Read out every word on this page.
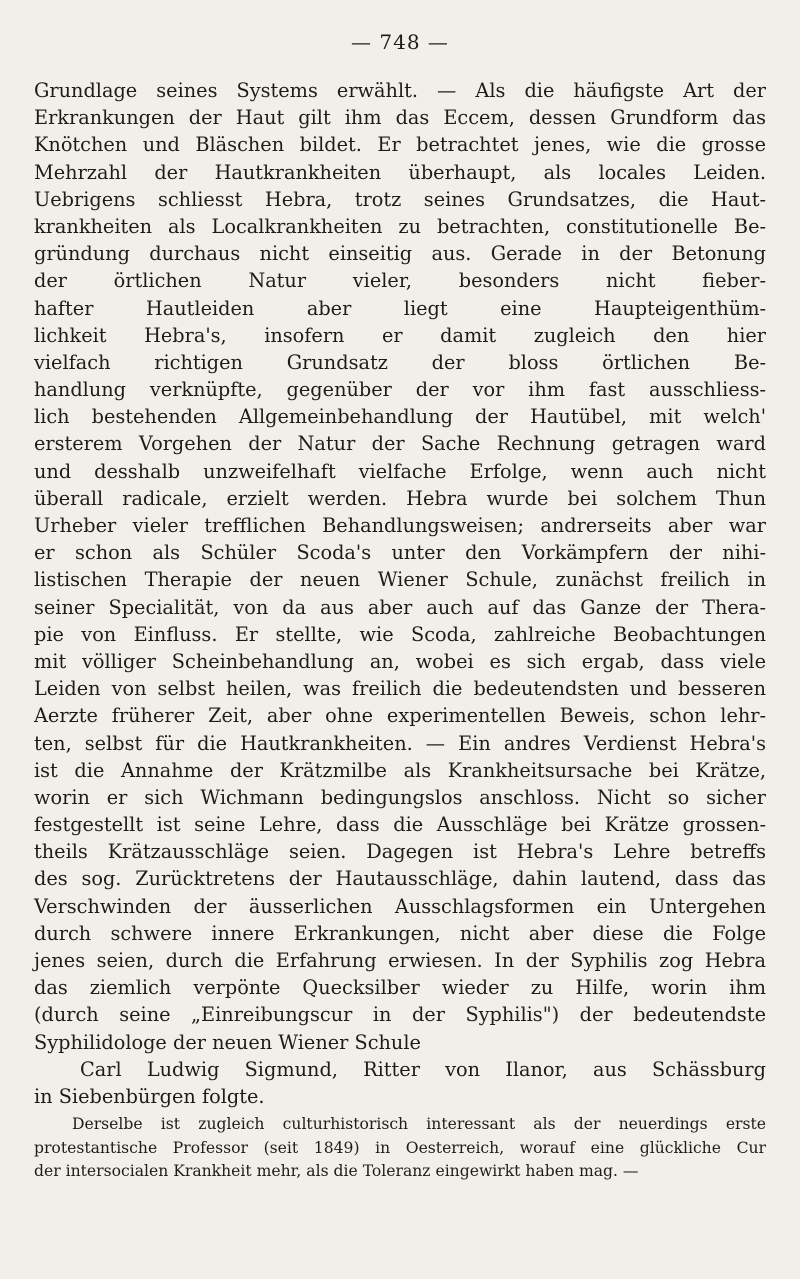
— 748 —
Grundlage seines Systems erwählt. — Als die häufigste Art der
Erkrankungen der Haut gilt ihm das Eccem, dessen Grundform das
Knötchen und Bläschen bildet. Er betrachtet jenes, wie die grosse
Mehrzahl der Hautkrankheiten überhaupt, als locales Leiden.
Uebrigens schliesst Hebra, trotz seines Grundsatzes, die Haut-
krankheiten als Localkrankheiten zu betrachten, constitutionelle Be-
gründung durchaus nicht einseitig aus. Gerade in der Betonung
der örtlichen Natur vieler, besonders nicht fieber-
hafter Hautleiden aber liegt eine Haupteigenthüm-
lichkeit Hebra's, insofern er damit zugleich den hier
vielfach richtigen Grundsatz der bloss örtlichen Be-
handlung verknüpfte, gegenüber der vor ihm fast ausschliess-
lich bestehenden Allgemeinbehandlung der Hautübel, mit welch'
ersterem Vorgehen der Natur der Sache Rechnung getragen ward
und desshalb unzweifelhaft vielfache Erfolge, wenn auch nicht
überall radicale, erzielt werden. Hebra wurde bei solchem Thun
Urheber vieler trefflichen Behandlungsweisen; andrerseits aber war
er schon als Schüler Scoda's unter den Vorkämpfern der nihi-
listischen Therapie der neuen Wiener Schule, zunächst freilich in
seiner Specialität, von da aus aber auch auf das Ganze der Thera-
pie von Einfluss. Er stellte, wie Scoda, zahlreiche Beobachtungen
mit völliger Scheinbehandlung an, wobei es sich ergab, dass viele
Leiden von selbst heilen, was freilich die bedeutendsten und besseren
Aerzte früherer Zeit, aber ohne experimentellen Beweis, schon lehr-
ten, selbst für die Hautkrankheiten. — Ein andres Verdienst Hebra's
ist die Annahme der Krätzmilbe als Krankheitsursache bei Krätze,
worin er sich Wichmann bedingungslos anschloss. Nicht so sicher
festgestellt ist seine Lehre, dass die Ausschläge bei Krätze grossen-
theils Krätzausschläge seien. Dagegen ist Hebra's Lehre betreffs
des sog. Zurücktretens der Hautausschläge, dahin lautend, dass das
Verschwinden der äusserlichen Ausschlagsformen ein Untergehen
durch schwere innere Erkrankungen, nicht aber diese die Folge
jenes seien, durch die Erfahrung erwiesen. In der Syphilis zog Hebra
das ziemlich verpönte Quecksilber wieder zu Hilfe, worin ihm
(durch seine „Einreibungscur in der Syphilis") der bedeutendste
Syphilidologe der neuen Wiener Schule
Carl Ludwig Sigmund, Ritter von Ilanor, aus Schässburg
in Siebenbürgen folgte.
Derselbe ist zugleich culturhistorisch interessant als der neuerdings erste
protestantische Professor (seit 1849) in Oesterreich, worauf eine glückliche Cur
der intersocialen Krankheit mehr, als die Toleranz eingewirkt haben mag. —
